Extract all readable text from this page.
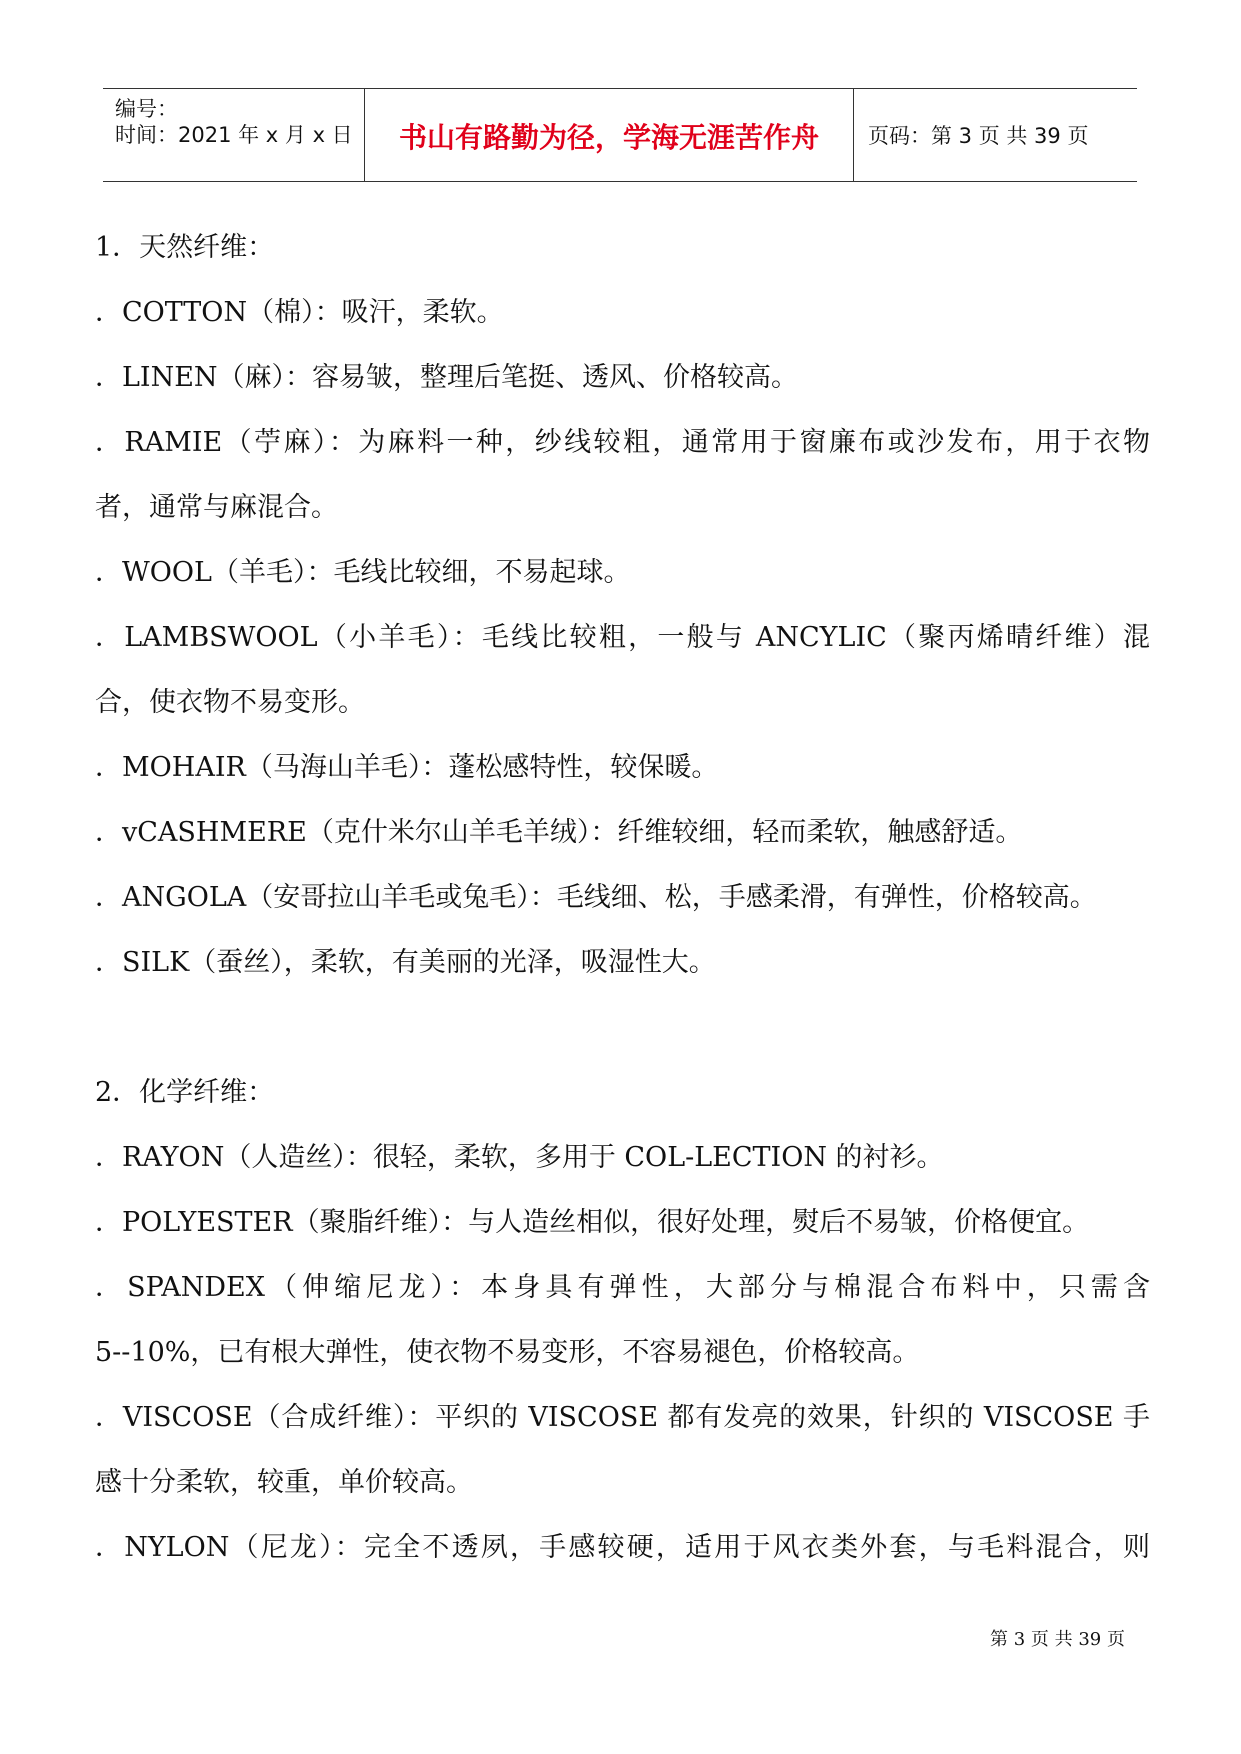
编号：
时间：2021 年 x 月 x 日 书山有路勤为径，学海无涯苦作舟 页码：第 3 页 共 39 页
1．天然纤维：
．COTTON（棉）：吸汗，柔软。
．LINEN（麻）：容易皱，整理后笔挺、透风、价格较高。
．RAMIE（苧麻）：为麻料一种，纱线较粗，通常用于窗廉布或沙发布，用于衣物
者，通常与麻混合。
．WOOL（羊毛）：毛线比较细，不易起球。
．LAMBSWOOL（小羊毛）：毛线比较粗，一般与 ANCYLIC（聚丙烯晴纤维）混
合，使衣物不易变形。
．MOHAIR（马海山羊毛）：蓬松感特性，较保暖。
．vCASHMERE（克什米尔山羊毛羊绒）：纤维较细，轻而柔软，触感舒适。
．ANGOLA（安哥拉山羊毛或兔毛）：毛线细、松，手感柔滑，有弹性，价格较高。
．SILK（蚕丝），柔软，有美丽的光泽，吸湿性大。
2．化学纤维：
．RAYON（人造丝）：很轻，柔软，多用于 COL-LECTION 的衬衫。
．POLYESTER（聚脂纤维）：与人造丝相似，很好处理，熨后不易皱，价格便宜。
．SPANDEX（伸缩尼龙）：本身具有弹性，大部分与棉混合布料中，只需含
5--10%，已有根大弹性，使衣物不易变形，不容易褪色，价格较高。
．VISCOSE（合成纤维）：平织的 VISCOSE 都有发亮的效果，针织的 VISCOSE 手
感十分柔软，较重，单价较高。
．NYLON（尼龙）：完全不透夙，手感较硬，适用于风衣类外套，与毛料混合，则
第 3 页 共 39 页
